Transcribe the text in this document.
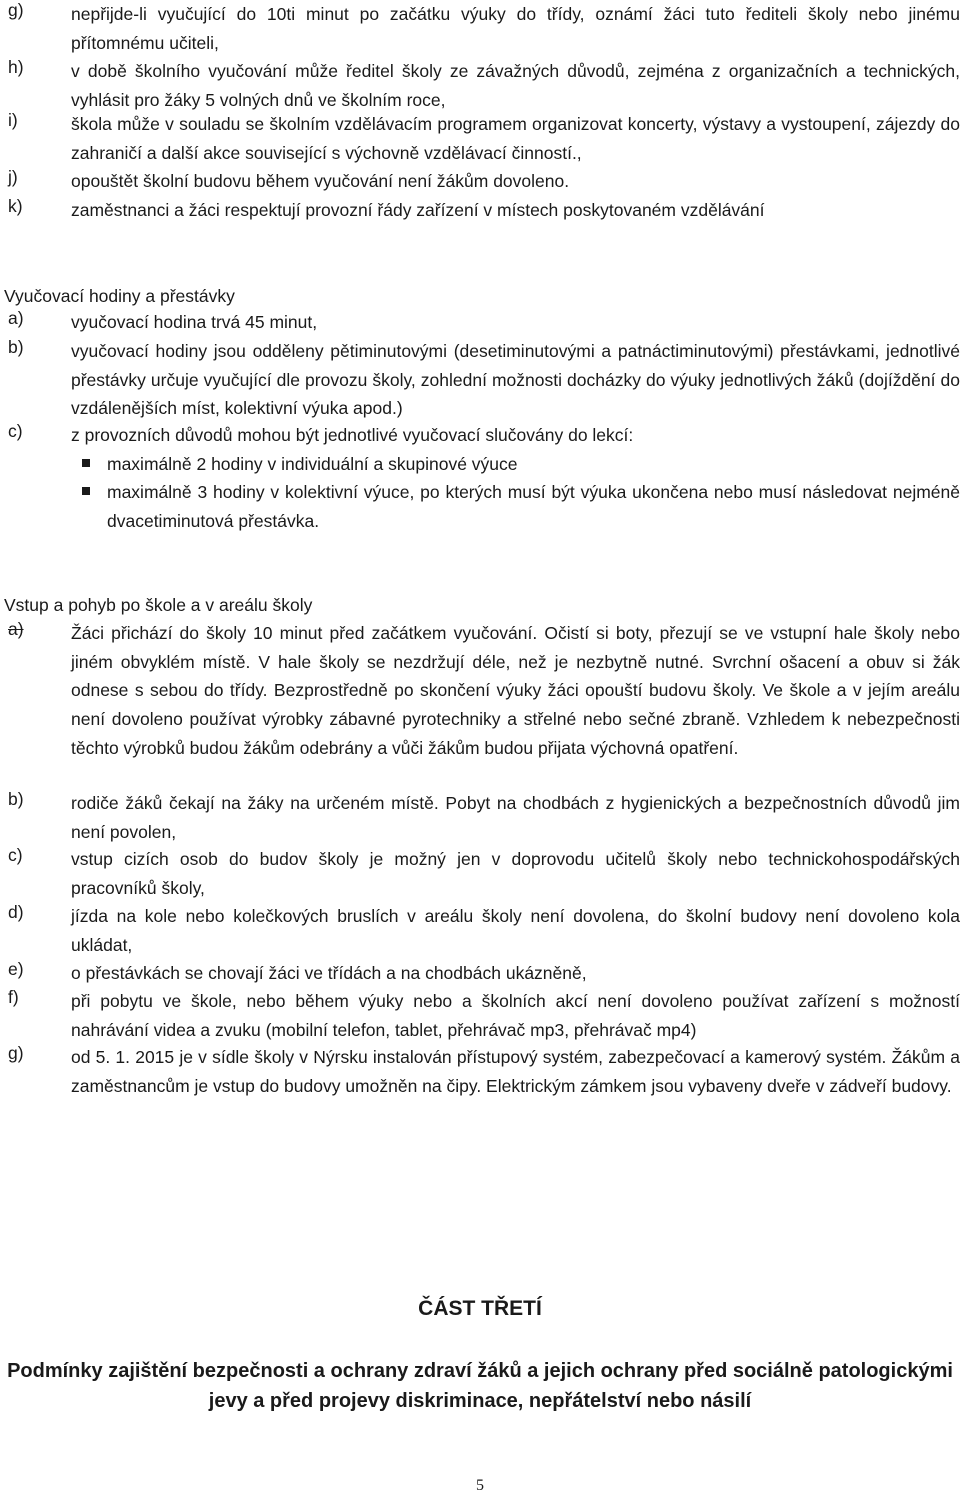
g)	nepřijde-li vyučující do 10ti minut po začátku výuky do třídy, oznámí žáci tuto řediteli školy nebo jinému přítomnému učiteli,
h)	v době školního vyučování může ředitel školy ze závažných důvodů, zejména z organizačních a technických, vyhlásit pro žáky 5 volných dnů ve školním roce,
i)	škola může v souladu se školním vzdělávacím programem organizovat koncerty, výstavy a vystoupení, zájezdy do zahraničí a další akce související s výchovně vzdělávací činností.,
j)	opouštět školní budovu během vyučování není žákům dovoleno.
k)	zaměstnanci a žáci respektují provozní řády zařízení v místech poskytovaném vzdělávání
Vyučovací hodiny a přestávky
a)	vyučovací hodina trvá 45 minut,
b)	vyučovací hodiny jsou odděleny pětiminutovými (desetiminutovými a patnáctiminutovými) přestávkami, jednotlivé přestávky určuje vyučující dle provozu školy, zohlední možnosti docházky do výuky jednotlivých žáků (dojíždění do vzdálenějších míst, kolektivní výuka apod.)
c)	z provozních důvodů mohou být jednotlivé vyučovací slučovány do lekcí:
maximálně 2 hodiny v individuální a skupinové výuce
maximálně 3 hodiny v kolektivní výuce, po kterých musí být výuka ukončena nebo musí následovat nejméně dvacetiminutová přestávka.
Vstup a pohyb po škole a v areálu školy
a)	Žáci přichází do školy 10 minut před začátkem vyučování. Očistí si boty, přezují se ve vstupní hale školy nebo jiném obvyklém místě. V hale školy se nezdržují déle, než je nezbytně nutné. Svrchní ošacení a obuv si žák odnese s sebou do třídy. Bezprostředně po skončení výuky žáci opouští budovu školy. Ve škole a v jejím areálu není dovoleno používat výrobky zábavné pyrotechniky a střelné nebo sečné zbraně. Vzhledem k nebezpečnosti těchto výrobků budou žákům odebrány a vůči žákům budou přijata výchovná opatření.
b)	rodiče žáků čekají na žáky na určeném místě. Pobyt na chodbách z hygienických a bezpečnostních důvodů jim není povolen,
c)	vstup cizích osob do budov školy je možný jen v doprovodu učitelů školy nebo technickohospodářských pracovníků školy,
d)	jízda na kole nebo kolečkových bruslích v areálu školy není dovolena, do školní budovy není dovoleno kola ukládat,
e)	o přestávkách se chovají žáci ve třídách a na chodbách ukázněně,
f)	při pobytu ve škole, nebo během výuky nebo a školních akcí není dovoleno používat zařízení s možností nahrávání videa a zvuku (mobilní telefon, tablet, přehrávač mp3, přehrávač mp4)
g)	od 5. 1. 2015 je v sídle školy v Nýrsku instalován přístupový systém, zabezpečovací a kamerový systém. Žákům a zaměstnancům je vstup do budovy umožněn na čipy. Elektrickým zámkem jsou vybaveny dveře v zádveří budovy.
ČÁST TŘETÍ
Podmínky zajištění bezpečnosti a ochrany zdraví žáků a jejich ochrany před sociálně patologickými jevy a před projevy diskriminace, nepřátelství nebo násilí
5
